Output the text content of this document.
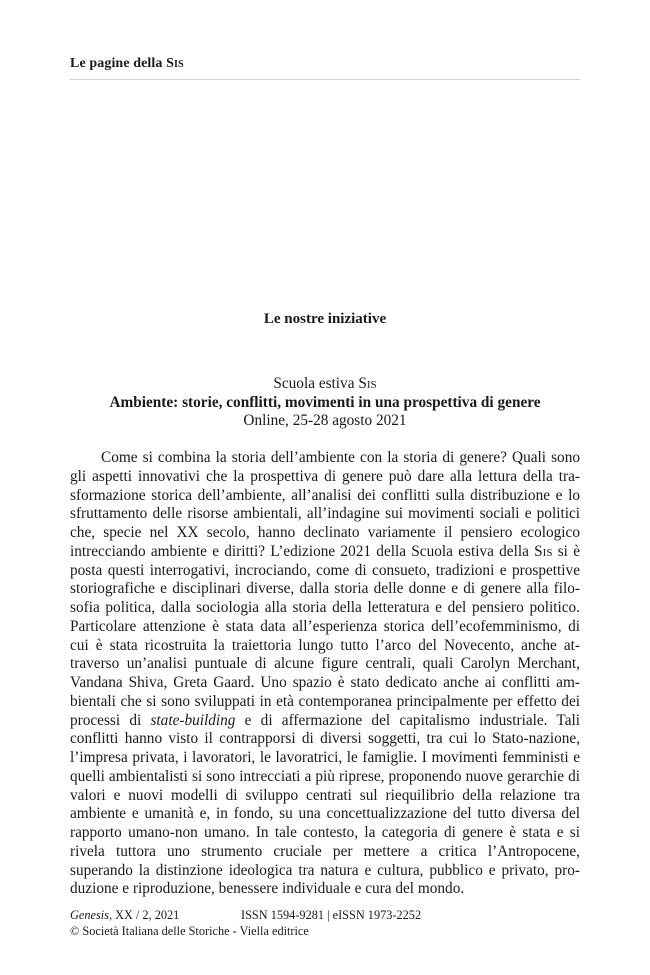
Le pagine della Sis
Le nostre iniziative
Scuola estiva Sis
Ambiente: storie, conflitti, movimenti in una prospettiva di genere
Online, 25-28 agosto 2021

Come si combina la storia dell’ambiente con la storia di genere? Quali sono gli aspetti innovativi che la prospettiva di genere può dare alla lettura della trasformazione storica dell’ambiente, all’analisi dei conflitti sulla distribuzione e lo sfruttamento delle risorse ambientali, all’indagine sui movimenti sociali e politici che, specie nel XX secolo, hanno declinato variamente il pensiero ecologico intrecciando ambiente e diritti? L’edizione 2021 della Scuola estiva della Sis si è posta questi interrogativi, incrociando, come di consueto, tradizioni e prospettive storiografiche e disciplinari diverse, dalla storia delle donne e di genere alla filosofia politica, dalla sociologia alla storia della letteratura e del pensiero politico. Particolare attenzione è stata data all’esperienza storica dell’ecofemminismo, di cui è stata ricostruita la traiettoria lungo tutto l’arco del Novecento, anche attraverso un’analisi puntuale di alcune figure centrali, quali Carolyn Merchant, Vandana Shiva, Greta Gaard. Uno spazio è stato dedicato anche ai conflitti ambientali che si sono sviluppati in età contemporanea principalmente per effetto dei processi di state-building e di affermazione del capitalismo industriale. Tali conflitti hanno visto il contrapporsi di diversi soggetti, tra cui lo Stato-nazione, l’impresa privata, i lavoratori, le lavoratrici, le famiglie. I movimenti femministi e quelli ambientalisti si sono intrecciati a più riprese, proponendo nuove gerarchie di valori e nuovi modelli di sviluppo centrati sul riequilibrio della relazione tra ambiente e umanità e, in fondo, su una concettualizzazione del tutto diversa del rapporto umano-non umano. In tale contesto, la categoria di genere è stata e si rivela tuttora uno strumento cruciale per mettere a critica l’Antropocene, superando la distinzione ideologica tra natura e cultura, pubblico e privato, produzione e riproduzione, benessere individuale e cura del mondo.

Genesis, XX / 2, 2021	ISSN 1594-9281 | eISSN 1973-2252
© Società Italiana delle Storiche - Viella editrice
